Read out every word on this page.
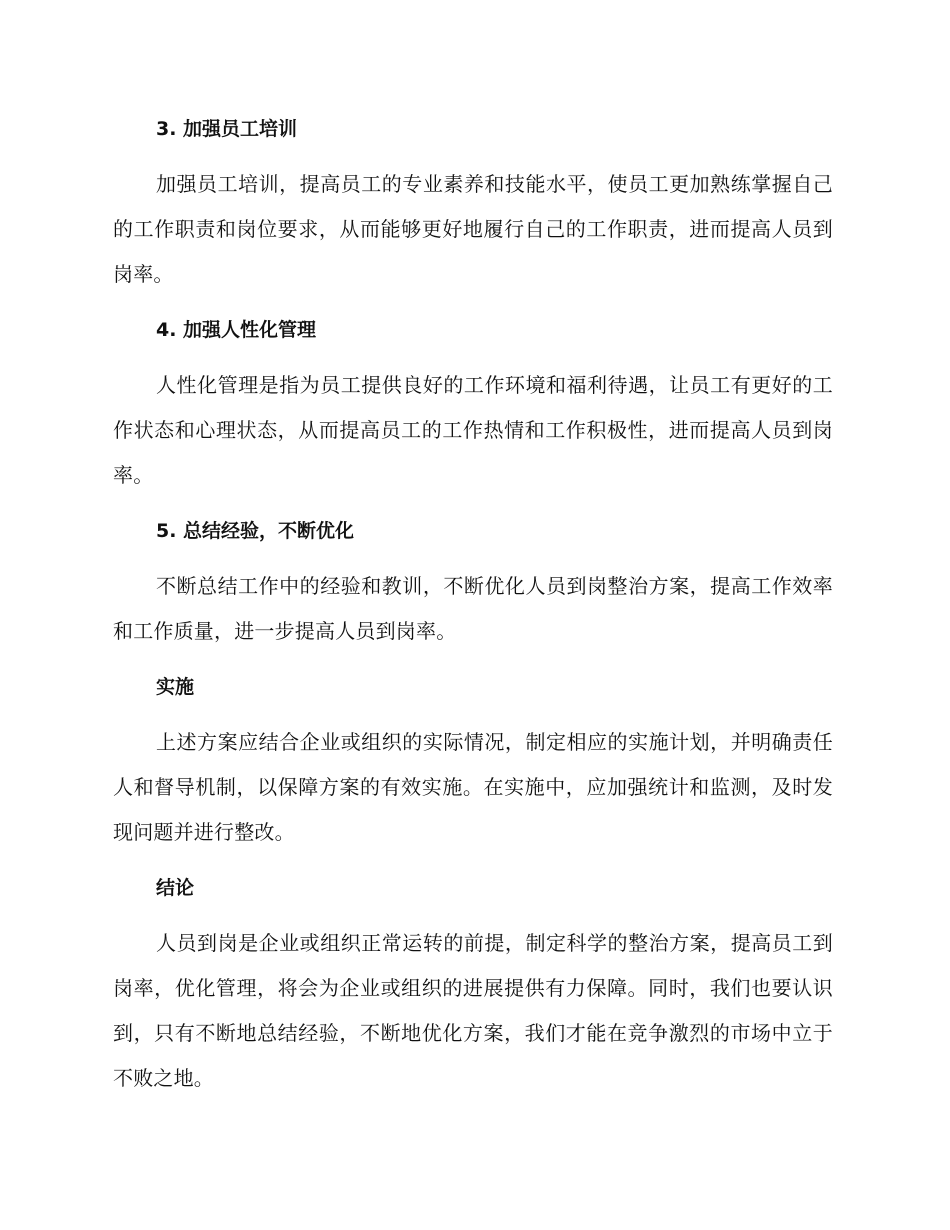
3. 加强员工培训

加强员工培训，提高员工的专业素养和技能水平，使员工更加熟练掌握自己的工作职责和岗位要求，从而能够更好地履行自己的工作职责，进而提高人员到岗率。

4. 加强人性化管理

人性化管理是指为员工提供良好的工作环境和福利待遇，让员工有更好的工作状态和心理状态，从而提高员工的工作热情和工作积极性，进而提高人员到岗率。

5. 总结经验，不断优化

不断总结工作中的经验和教训，不断优化人员到岗整治方案，提高工作效率和工作质量，进一步提高人员到岗率。

实施

上述方案应结合企业或组织的实际情况，制定相应的实施计划，并明确责任人和督导机制，以保障方案的有效实施。在实施中，应加强统计和监测，及时发现问题并进行整改。

结论

人员到岗是企业或组织正常运转的前提，制定科学的整治方案，提高员工到岗率，优化管理，将会为企业或组织的进展提供有力保障。同时，我们也要认识到，只有不断地总结经验，不断地优化方案，我们才能在竞争激烈的市场中立于不败之地。
